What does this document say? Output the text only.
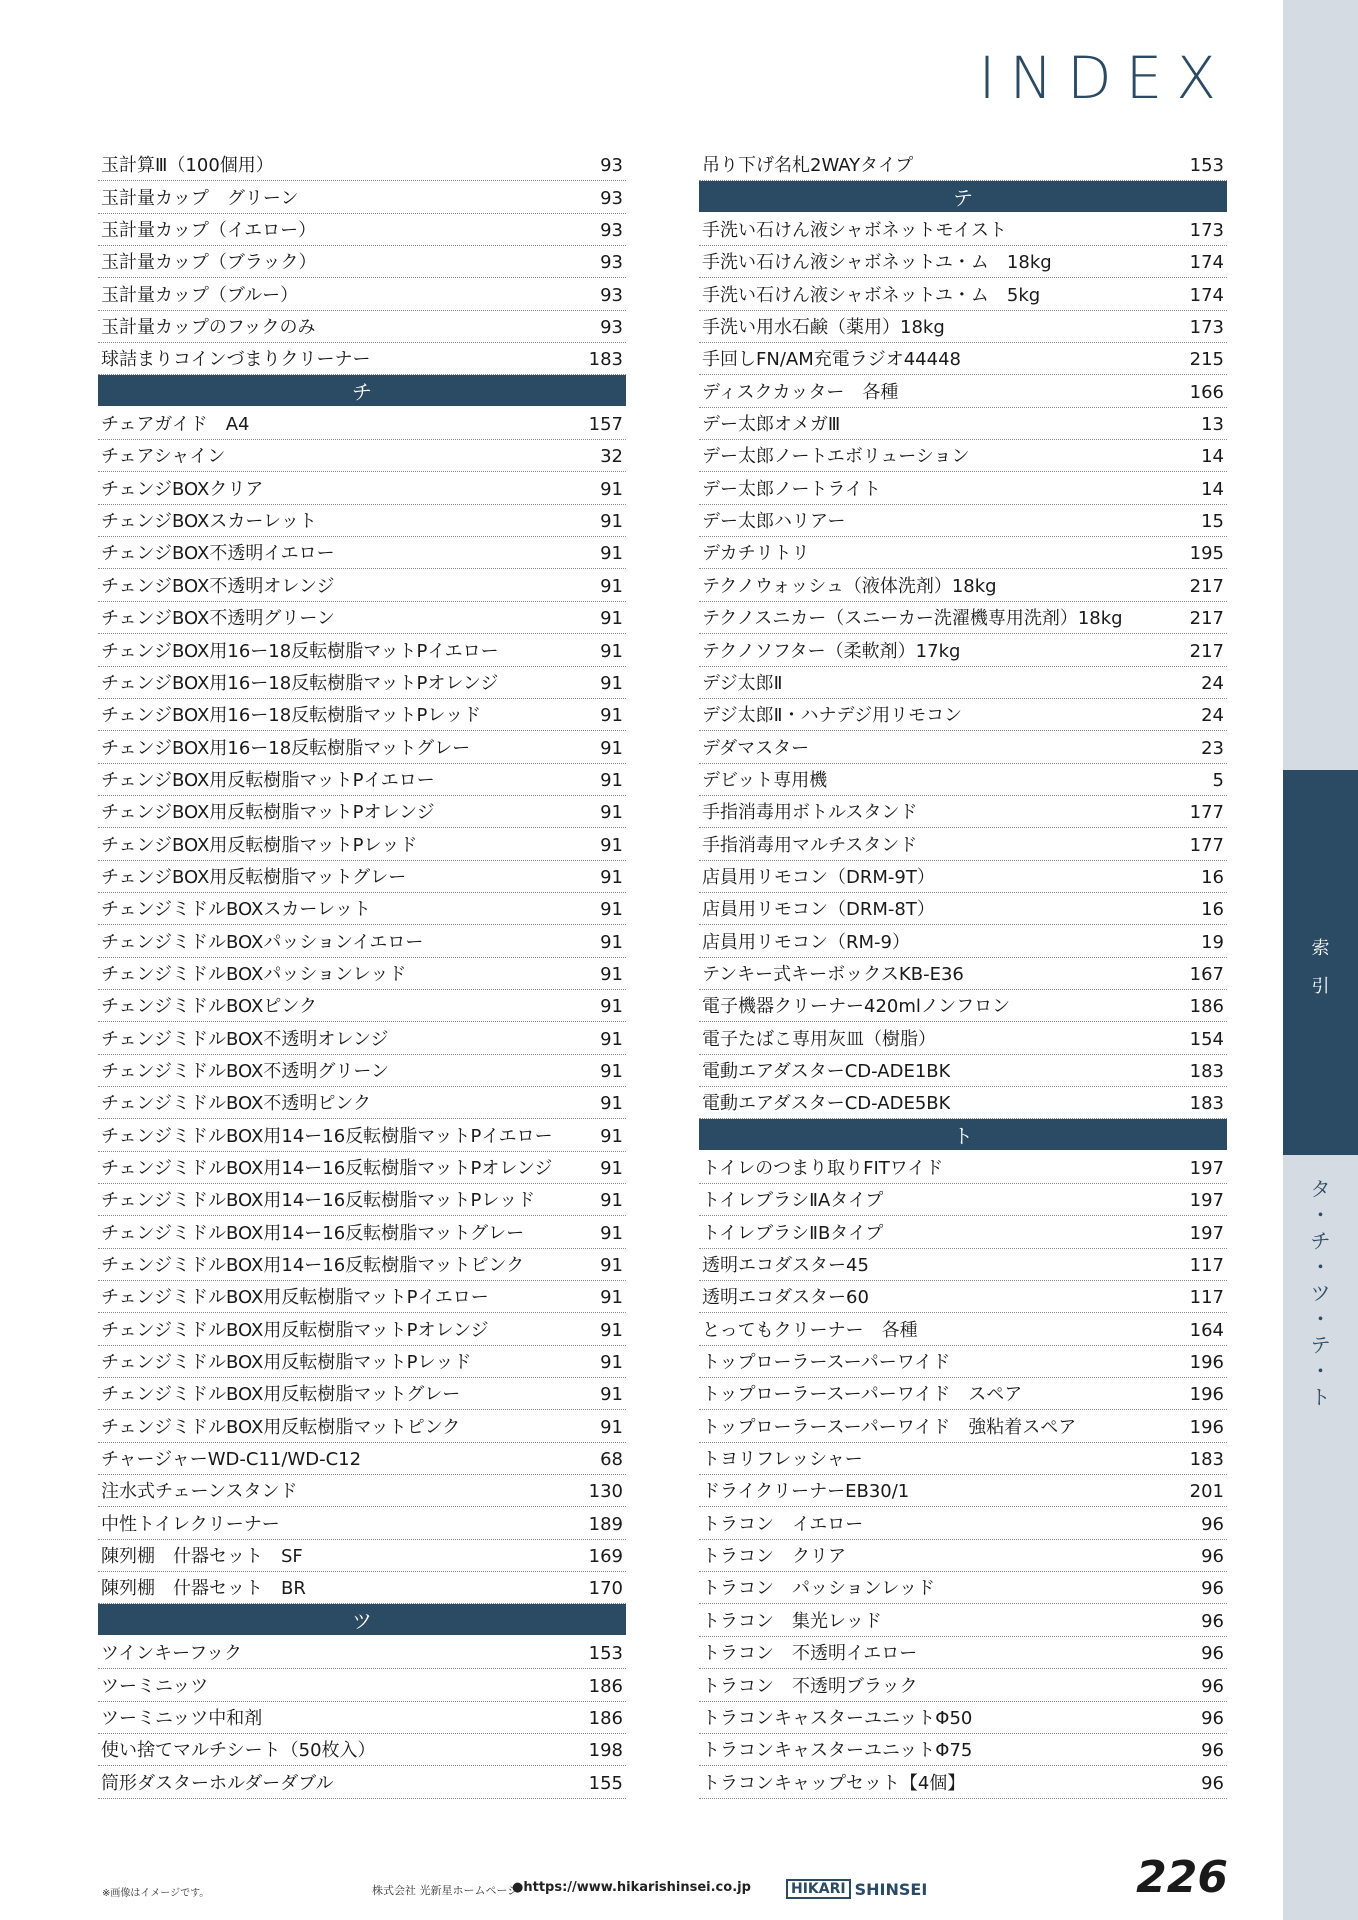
索
引
タ
・
チ
・
ツ
・
テ
・
ト
INDEX
玉計算Ⅲ（100個用）	93
玉計量カップ　グリーン	93
玉計量カップ（イエロー）	93
玉計量カップ（ブラック）	93
玉計量カップ（ブルー）	93
玉計量カップのフックのみ	93
球詰まりコインづまりクリーナー	183
チ
チェアガイド　A4	157
チェアシャイン	32
チェンジBOXクリア	91
チェンジBOXスカーレット	91
チェンジBOX不透明イエロー	91
チェンジBOX不透明オレンジ	91
チェンジBOX不透明グリーン	91
チェンジBOX用16ー18反転樹脂マットPイエロー	91
チェンジBOX用16ー18反転樹脂マットPオレンジ	91
チェンジBOX用16ー18反転樹脂マットPレッド	91
チェンジBOX用16ー18反転樹脂マットグレー	91
チェンジBOX用反転樹脂マットPイエロー	91
チェンジBOX用反転樹脂マットPオレンジ	91
チェンジBOX用反転樹脂マットPレッド	91
チェンジBOX用反転樹脂マットグレー	91
チェンジミドルBOXスカーレット	91
チェンジミドルBOXパッションイエロー	91
チェンジミドルBOXパッションレッド	91
チェンジミドルBOXピンク	91
チェンジミドルBOX不透明オレンジ	91
チェンジミドルBOX不透明グリーン	91
チェンジミドルBOX不透明ピンク	91
チェンジミドルBOX用14ー16反転樹脂マットPイエロー	91
チェンジミドルBOX用14ー16反転樹脂マットPオレンジ	91
チェンジミドルBOX用14ー16反転樹脂マットPレッド	91
チェンジミドルBOX用14ー16反転樹脂マットグレー	91
チェンジミドルBOX用14ー16反転樹脂マットピンク	91
チェンジミドルBOX用反転樹脂マットPイエロー	91
チェンジミドルBOX用反転樹脂マットPオレンジ	91
チェンジミドルBOX用反転樹脂マットPレッド	91
チェンジミドルBOX用反転樹脂マットグレー	91
チェンジミドルBOX用反転樹脂マットピンク	91
チャージャーWD-C11/WD-C12	68
注水式チェーンスタンド	130
中性トイレクリーナー	189
陳列棚　什器セット　SF	169
陳列棚　什器セット　BR	170
ツ
ツインキーフック	153
ツーミニッツ	186
ツーミニッツ中和剤	186
使い捨てマルチシート（50枚入）	198
筒形ダスターホルダーダブル	155
吊り下げ名札2WAYタイプ	153
テ
手洗い石けん液シャボネットモイスト	173
手洗い石けん液シャボネットユ・ム　18kg	174
手洗い石けん液シャボネットユ・ム　5kg	174
手洗い用水石鹸（薬用）18kg	173
手回しFN/AM充電ラジオ44448	215
ディスクカッター　各種	166
デー太郎オメガⅢ	13
デー太郎ノートエボリューション	14
デー太郎ノートライト	14
デー太郎ハリアー	15
デカチリトリ	195
テクノウォッシュ（液体洗剤）18kg	217
テクノスニカー（スニーカー洗濯機専用洗剤）18kg	217
テクノソフター（柔軟剤）17kg	217
デジ太郎Ⅱ	24
デジ太郎Ⅱ・ハナデジ用リモコン	24
デダマスター	23
デビット専用機	5
手指消毒用ボトルスタンド	177
手指消毒用マルチスタンド	177
店員用リモコン（DRM-9T）	16
店員用リモコン（DRM-8T）	16
店員用リモコン（RM-9）	19
テンキー式キーボックスKB-E36	167
電子機器クリーナー420mlノンフロン	186
電子たばこ専用灰皿（樹脂）	154
電動エアダスターCD-ADE1BK	183
電動エアダスターCD-ADE5BK	183
ト
トイレのつまり取りFITワイド	197
トイレブラシⅡAタイプ	197
トイレブラシⅡBタイプ	197
透明エコダスター45	117
透明エコダスター60	117
とってもクリーナー　各種	164
トップローラースーパーワイド	196
トップローラースーパーワイド　スペア	196
トップローラースーパーワイド　強粘着スペア	196
トヨリフレッシャー	183
ドライクリーナーEB30/1	201
トラコン　イエロー	96
トラコン　クリア	96
トラコン　パッションレッド	96
トラコン　集光レッド	96
トラコン　不透明イエロー	96
トラコン　不透明ブラック	96
トラコンキャスターユニットΦ50	96
トラコンキャスターユニットΦ75	96
トラコンキャップセット【4個】	96
※画像はイメージです。	株式会社 光新星ホームページ
●https://www.hikarishinsei.co.jp	HIKARI SHINSEI	226
